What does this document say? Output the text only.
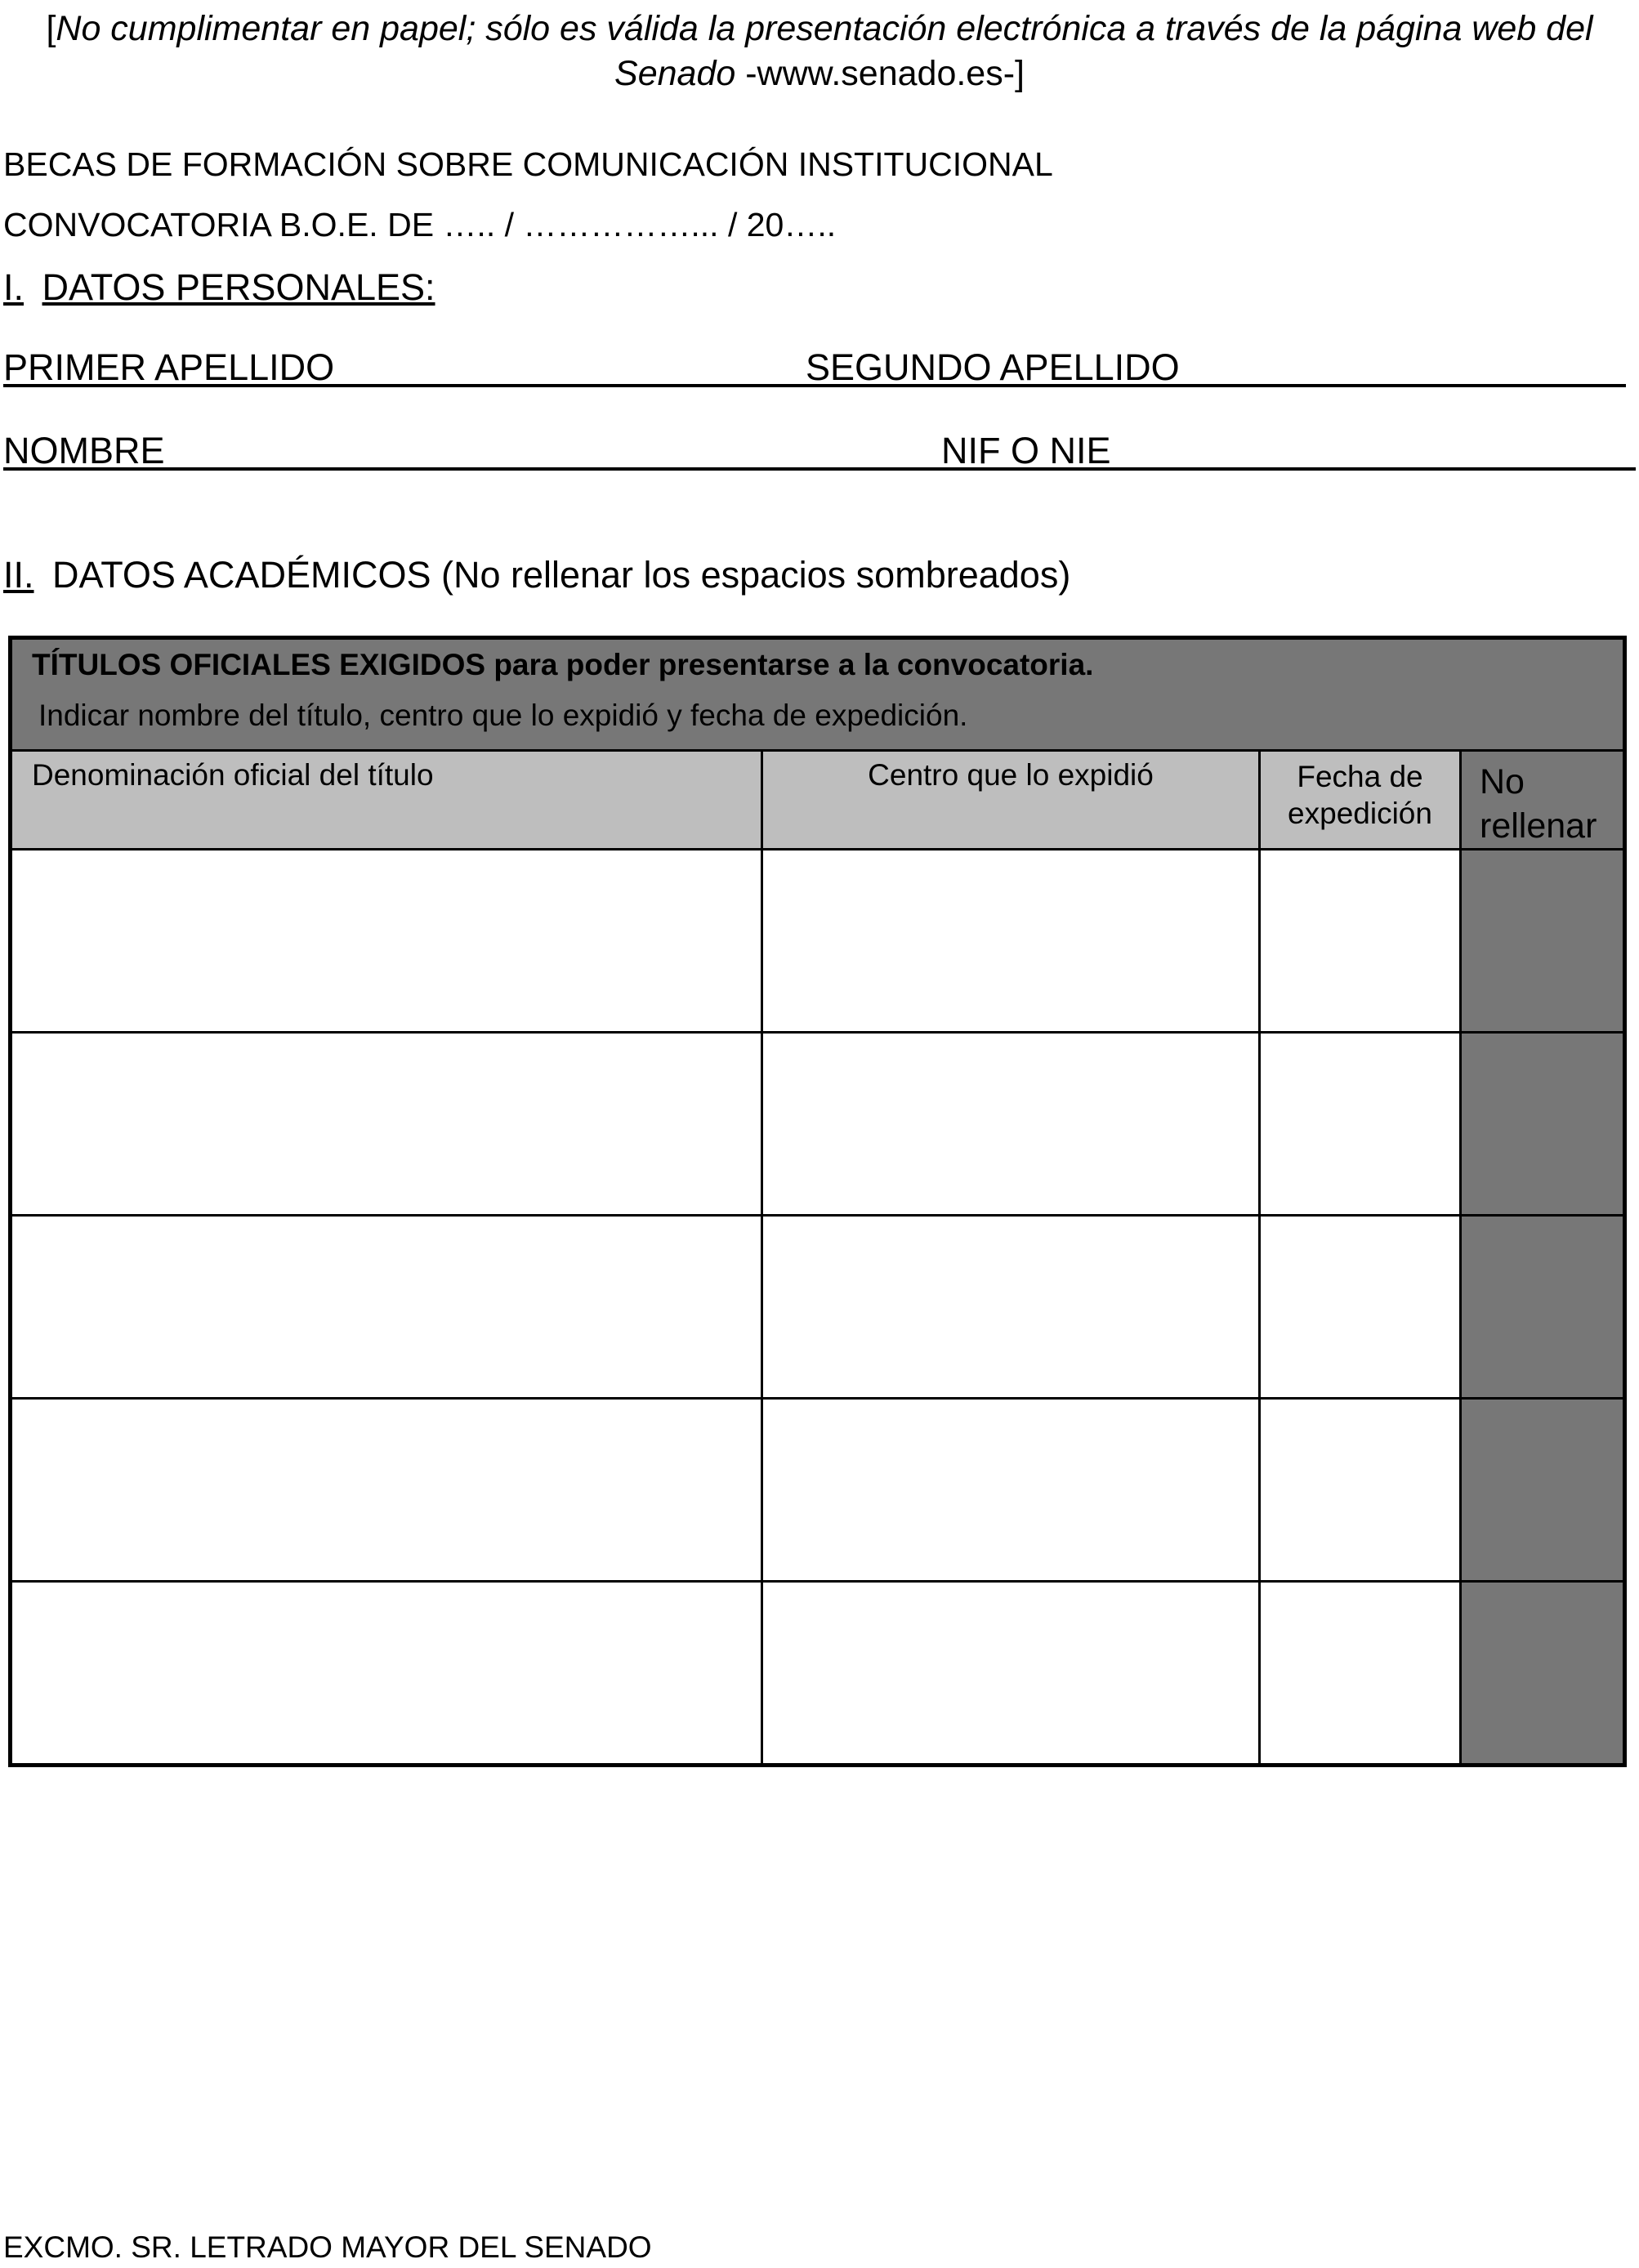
[No cumplimentar en papel; sólo es válida la presentación electrónica a través de la página web del Senado -www.senado.es-]
BECAS DE FORMACIÓN SOBRE COMUNICACIÓN INSTITUCIONAL
CONVOCATORIA B.O.E. DE ….. / ……………... / 20…..
I. DATOS PERSONALES:
PRIMER APELLIDO	SEGUNDO APELLIDO
NOMBRE	NIF O NIE
II. DATOS ACADÉMICOS (No rellenar los espacios sombreados)
TÍTULOS OFICIALES EXIGIDOS para poder presentarse a la convocatoria.
Indicar nombre del título, centro que lo expidió y fecha de expedición.			

Denominación oficial del título	Centro que lo expidió	Fecha de expedición	No rellenar

EXCMO. SR. LETRADO MAYOR DEL SENADO
